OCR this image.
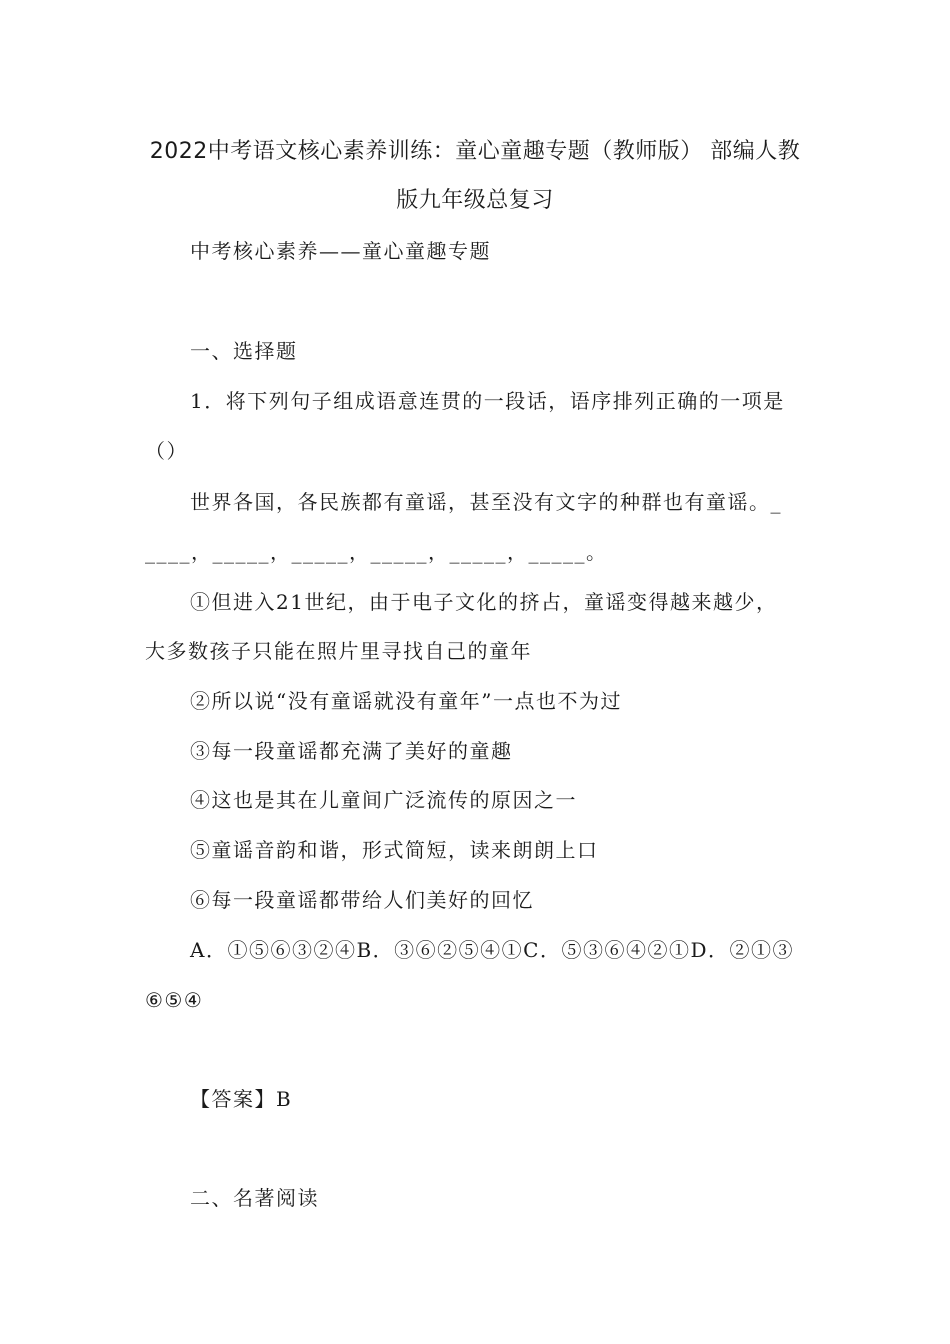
2022中考语文核心素养训练：童心童趣专题（教师版） 部编人教
版九年级总复习
中考核心素养——童心童趣专题
一、选择题
1．将下列句子组成语意连贯的一段话，语序排列正确的一项是
（）
世界各国，各民族都有童谣，甚至没有文字的种群也有童谣。_
____，_____，_____，_____，_____，_____。
①但进入21世纪，由于电子文化的挤占，童谣变得越来越少，
大多数孩子只能在照片里寻找自己的童年
②所以说“没有童谣就没有童年”一点也不为过
③每一段童谣都充满了美好的童趣
④这也是其在儿童间广泛流传的原因之一
⑤童谣音韵和谐，形式简短，读来朗朗上口
⑥每一段童谣都带给人们美好的回忆
A．①⑤⑥③②④B．③⑥②⑤④①C．⑤③⑥④②①D．②①③
⑥⑤④
【答案】B
二、名著阅读
